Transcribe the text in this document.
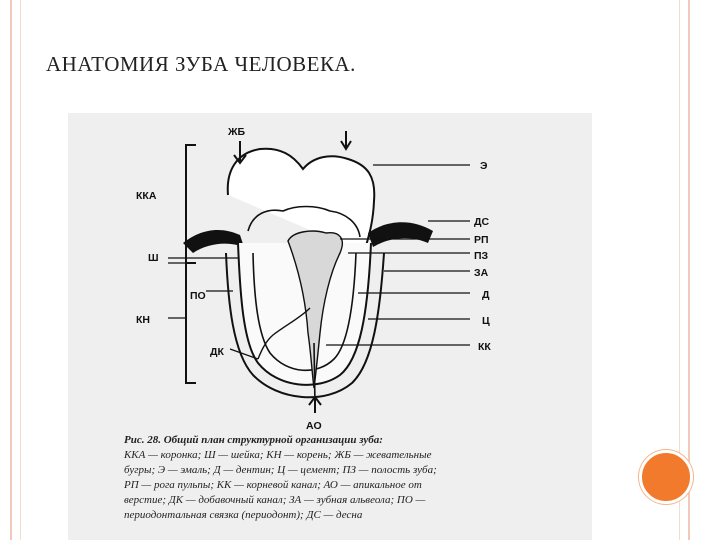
АНАТОМИЯ ЗУБА ЧЕЛОВЕКА.
ККА
Ш
ПО
КН
ДК
ЖБ
Э
ДС
РП
ПЗ
ЗА
Д
Ц
КК
АО
Рис. 28. Общий план структурной организации зуба:
ККА — коронка; Ш — шейка; КН — корень; ЖБ — жевательные
бугры; Э — эмаль; Д — дентин; Ц — цемент; ПЗ — полость зуба;
РП — рога пульпы; КК — корневой канал; АО — апикальное от
верстие; ДК — добавочный канал; ЗА — зубная альвеола; ПО —
периодонтальная связка (периодонт); ДС — десна
